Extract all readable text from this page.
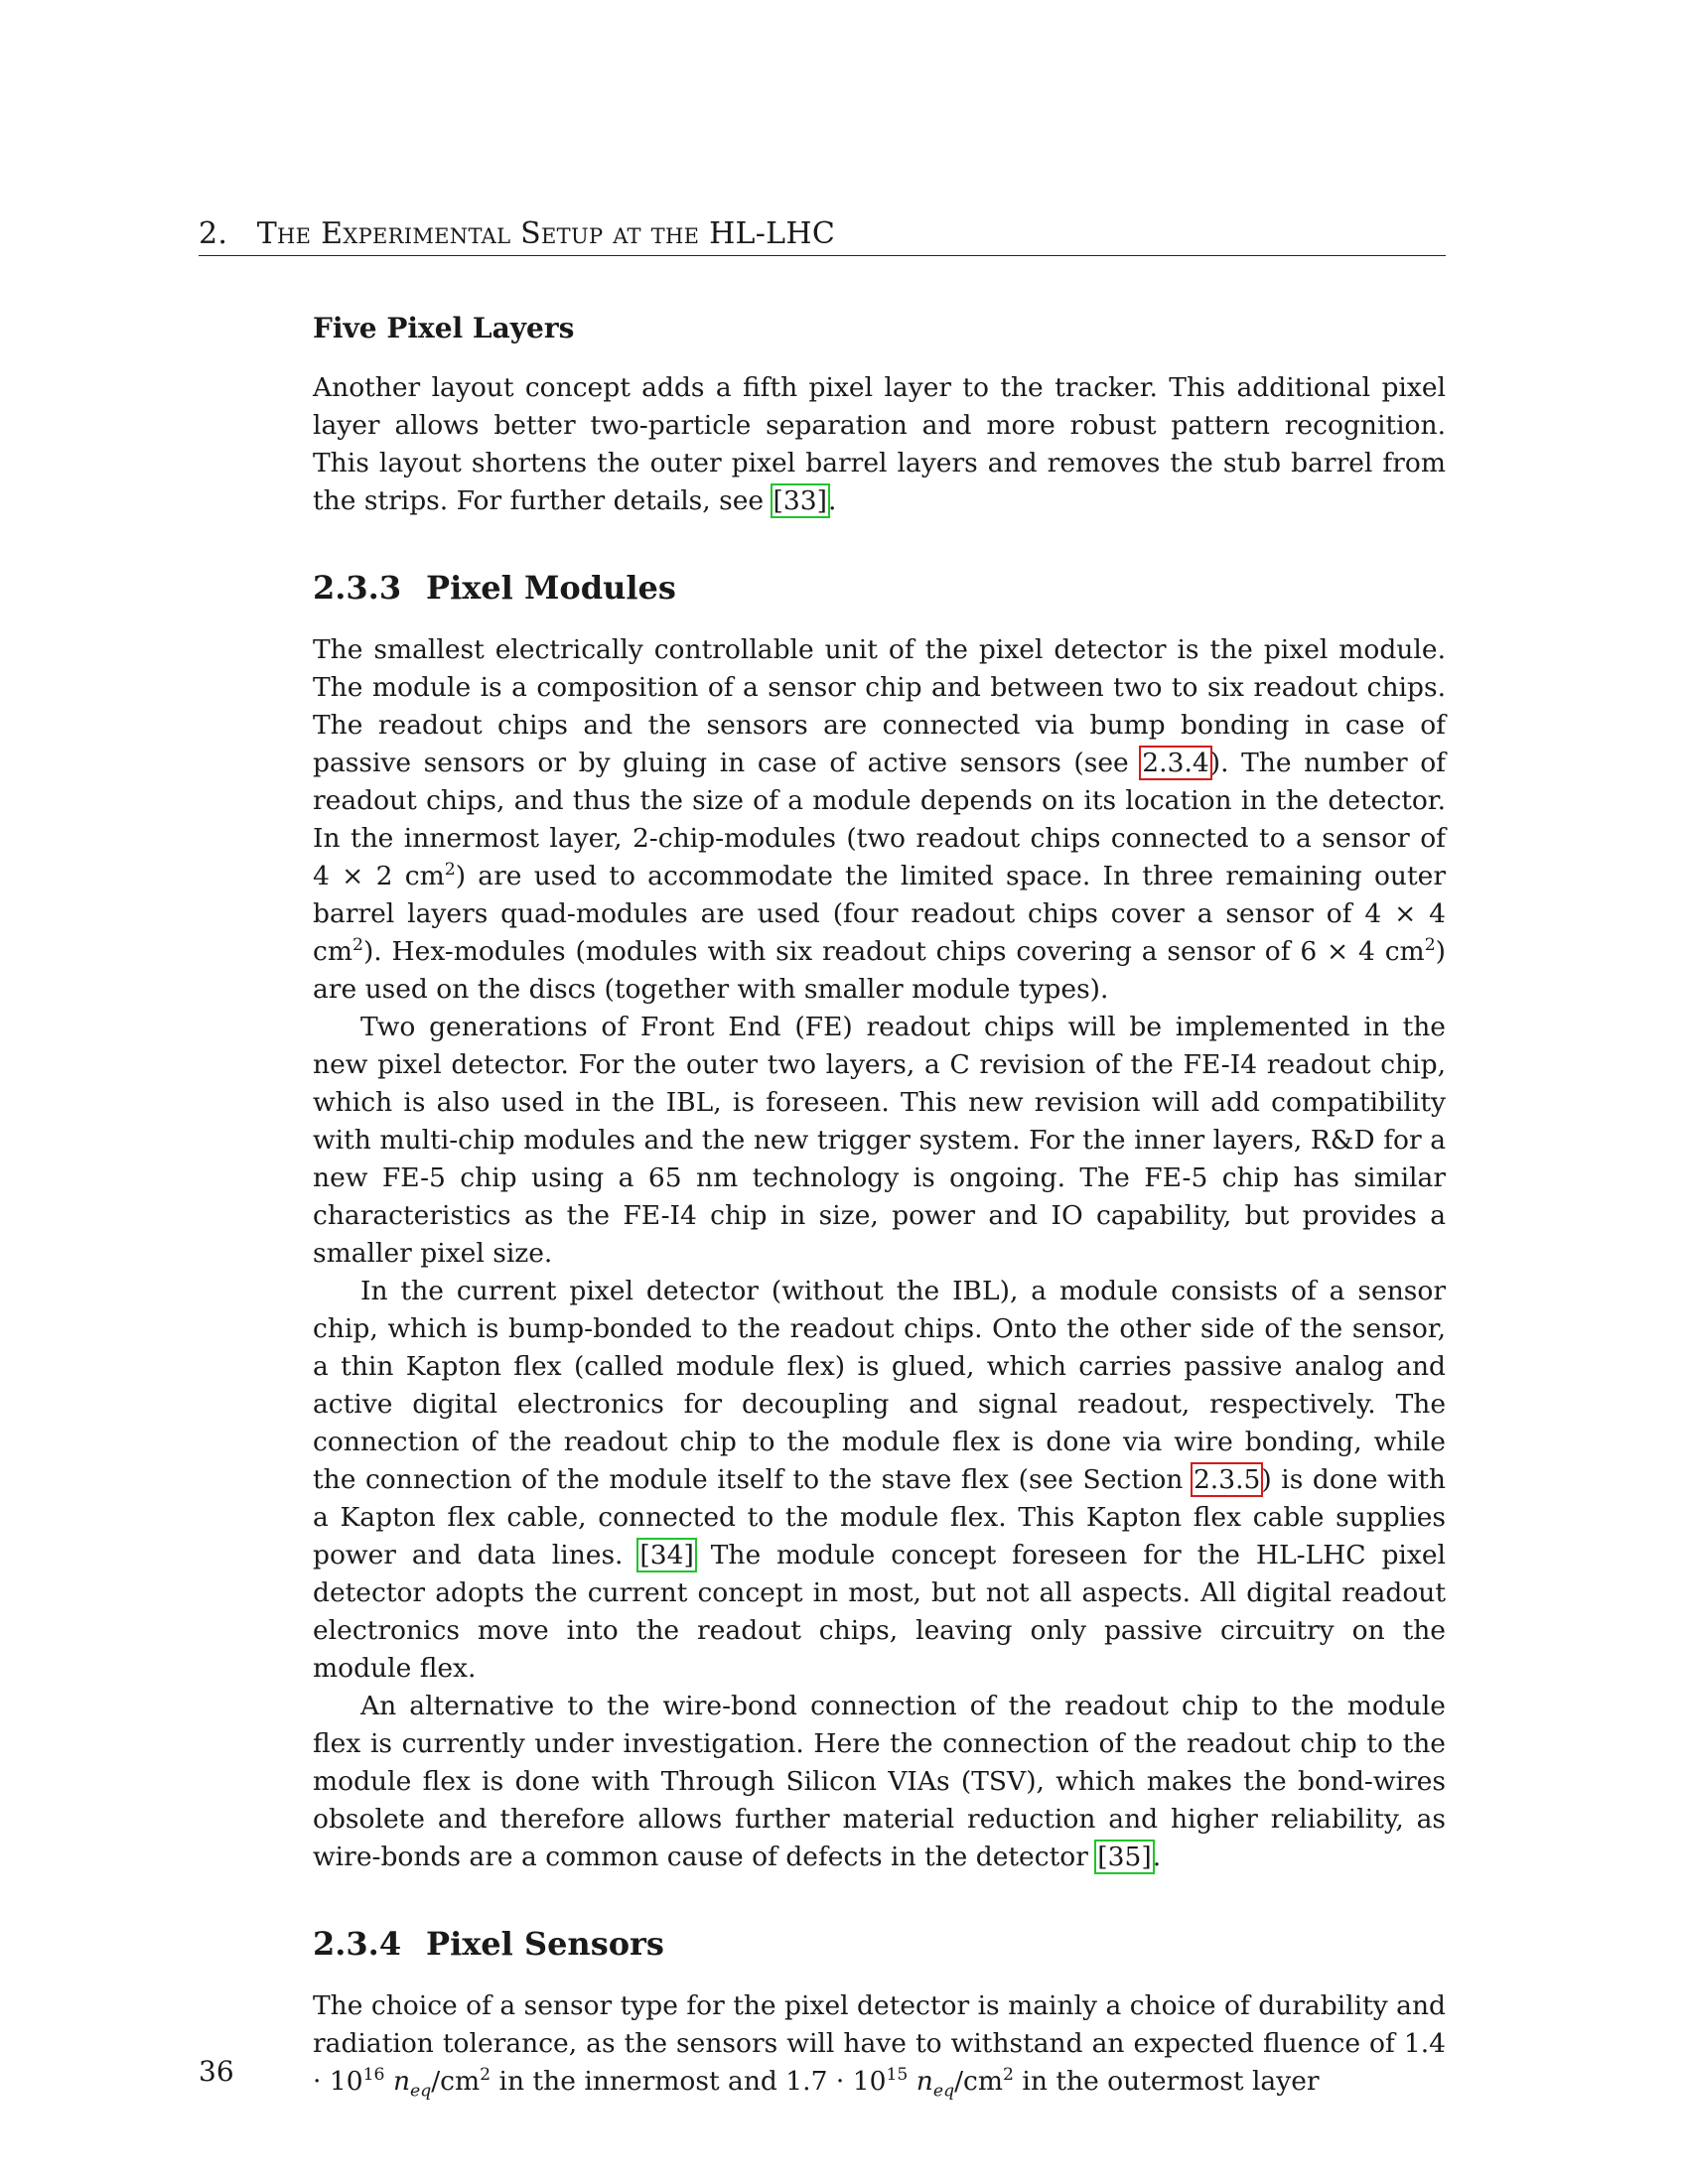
2. The Experimental Setup at the HL-LHC
Five Pixel Layers

Another layout concept adds a fifth pixel layer to the tracker. This additional pixel layer allows better two-particle separation and more robust pattern recognition. This layout shortens the outer pixel barrel layers and removes the stub barrel from the strips. For further details, see [33].

2.3.3 Pixel Modules

The smallest electrically controllable unit of the pixel detector is the pixel module. The module is a composition of a sensor chip and between two to six readout chips. The readout chips and the sensors are connected via bump bonding in case of passive sensors or by gluing in case of active sensors (see 2.3.4). The number of readout chips, and thus the size of a module depends on its location in the detector. In the innermost layer, 2-chip-modules (two readout chips connected to a sensor of 4 × 2 $cm^2$) are used to accommodate the limited space. In three remaining outer barrel layers quad-modules are used (four readout chips cover a sensor of 4 × 4 $cm^2$). Hex-modules (modules with six readout chips covering a sensor of 6 × 4 $cm^2$) are used on the discs (together with smaller module types).

Two generations of Front End (FE) readout chips will be implemented in the new pixel detector. For the outer two layers, a C revision of the FE-I4 readout chip, which is also used in the IBL, is foreseen. This new revision will add compatibility with multi-chip modules and the new trigger system. For the inner layers, R&D for a new FE-5 chip using a 65 nm technology is ongoing. The FE-5 chip has similar characteristics as the FE-I4 chip in size, power and IO capability, but provides a smaller pixel size.

In the current pixel detector (without the IBL), a module consists of a sensor chip, which is bump-bonded to the readout chips. Onto the other side of the sensor, a thin Kapton flex (called module flex) is glued, which carries passive analog and active digital electronics for decoupling and signal readout, respectively. The connection of the readout chip to the module flex is done via wire bonding, while the connection of the module itself to the stave flex (see Section 2.3.5) is done with a Kapton flex cable, connected to the module flex. This Kapton flex cable supplies power and data lines. [34] The module concept foreseen for the HL-LHC pixel detector adopts the current concept in most, but not all aspects. All digital readout electronics move into the readout chips, leaving only passive circuitry on the module flex.

An alternative to the wire-bond connection of the readout chip to the module flex is currently under investigation. Here the connection of the readout chip to the module flex is done with Through Silicon VIAs (TSV), which makes the bond-wires obsolete and therefore allows further material reduction and higher reliability, as wire-bonds are a common cause of defects in the detector [35].

2.3.4 Pixel Sensors

The choice of a sensor type for the pixel detector is mainly a choice of durability and radiation tolerance, as the sensors will have to withstand an expected fluence of $1.4 \cdot 10^{16}$ $n_{eq}/cm^2$ in the innermost and $1.7 \cdot 10^{15}$ $n_{eq}/cm^2$ in the outermost layer

36
